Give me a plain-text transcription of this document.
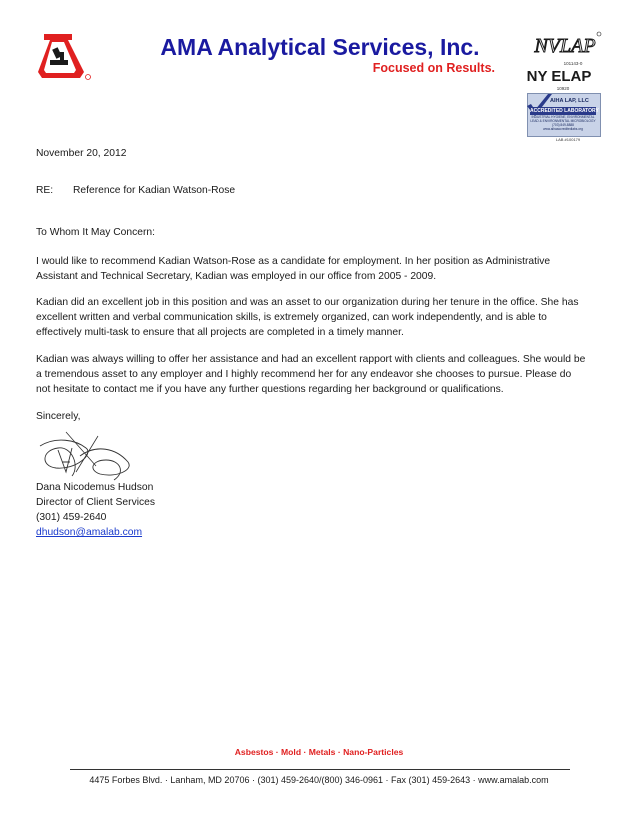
AMA Analytical Services, Inc.
Focused on Results.
NVLAP
101143-0
NY ELAP
10920
AIHA LAP, LLC
ACCREDITED LABORATORY
INDUSTRIAL HYGIENE, ENVIRONMENTAL LEAD & ENVIRONMENTAL MICROBIOLOGY
(703) 849-8888
www.aihaaccreditedlabs.org
LAB #100179
November 20, 2012
RE: Reference for Kadian Watson-Rose
To Whom It May Concern:
I would like to recommend Kadian Watson-Rose as a candidate for employment. In her position as Administrative
Assistant and Technical Secretary, Kadian was employed in our office from 2005 - 2009.
Kadian did an excellent job in this position and was an asset to our organization during her tenure in the office. She has
excellent written and verbal communication skills, is extremely organized, can work independently, and is able to
effectively multi-task to ensure that all projects are completed in a timely manner.
Kadian was always willing to offer her assistance and had an excellent rapport with clients and colleagues. She would be
a tremendous asset to any employer and I highly recommend her for any endeavor she chooses to pursue. Please do
not hesitate to contact me if you have any further questions regarding her background or qualifications.
Sincerely,
Dana Nicodemus Hudson
Director of Client Services
(301) 459-2640
dhudson@amalab.com
Asbestos · Mold · Metals · Nano-Particles
4475 Forbes Blvd. · Lanham, MD 20706 · (301) 459-2640/(800) 346-0961 · Fax (301) 459-2643 · www.amalab.com
